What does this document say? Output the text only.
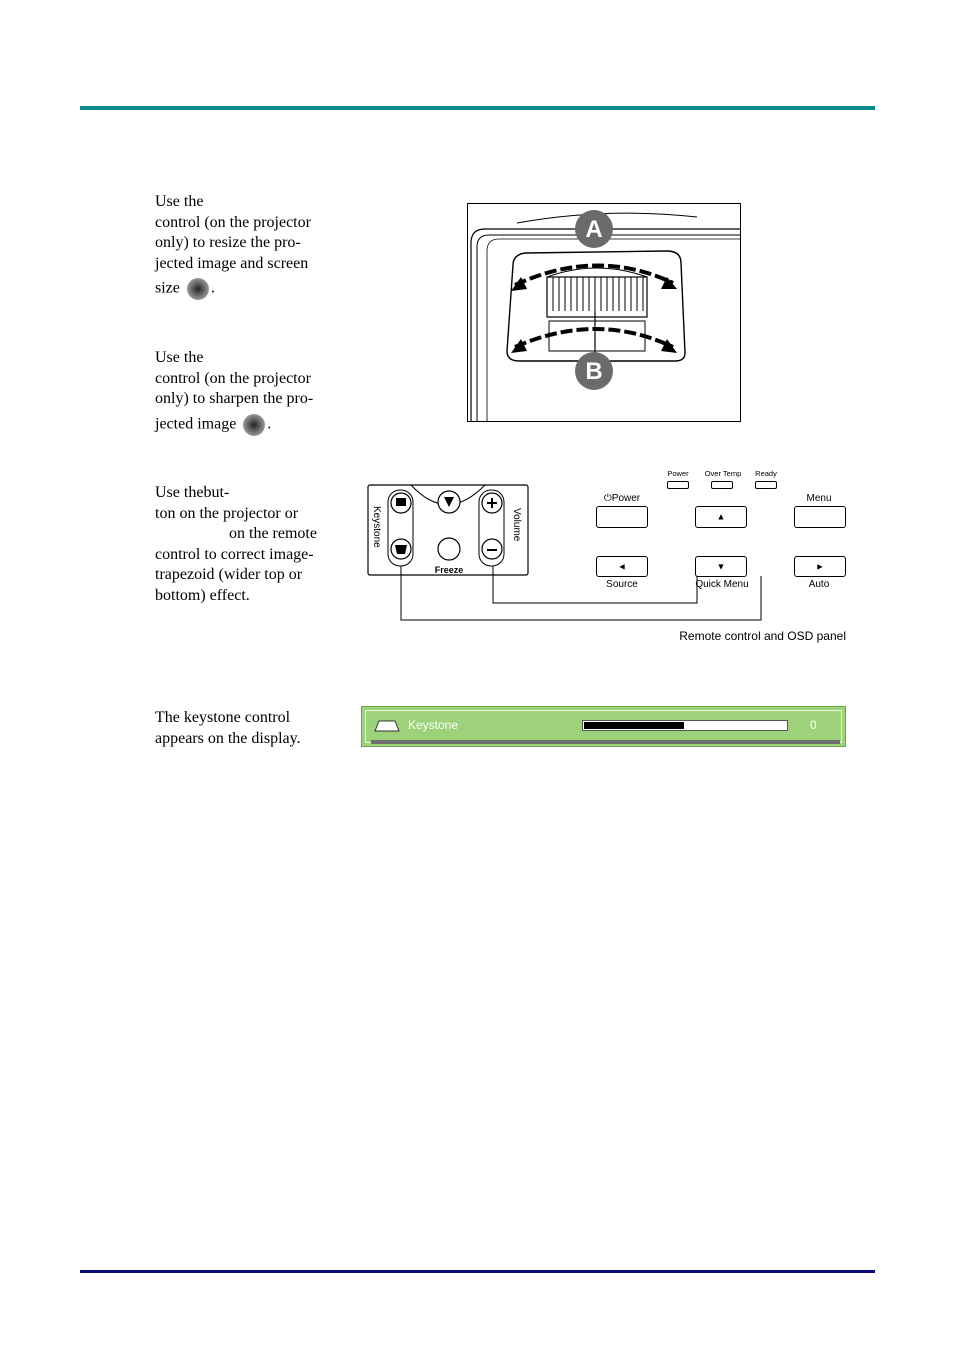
Use the
control (on the projector
only) to resize the pro-
jected image and screen
size .
Use the
control (on the projector
only) to sharpen the pro-
jected image .
Use thebut-
ton on the projector or
on the remote
control to correct image-
trapezoid (wider top or
bottom) effect.
The keystone control
appears on the display.
A
B
Keystone	Volume
Freeze
Power	Over Temp	Ready
⏻Power
▲
Menu
◄
Source
▼
Quick Menu
►
Auto
Remote control and OSD panel
Keystone	0
